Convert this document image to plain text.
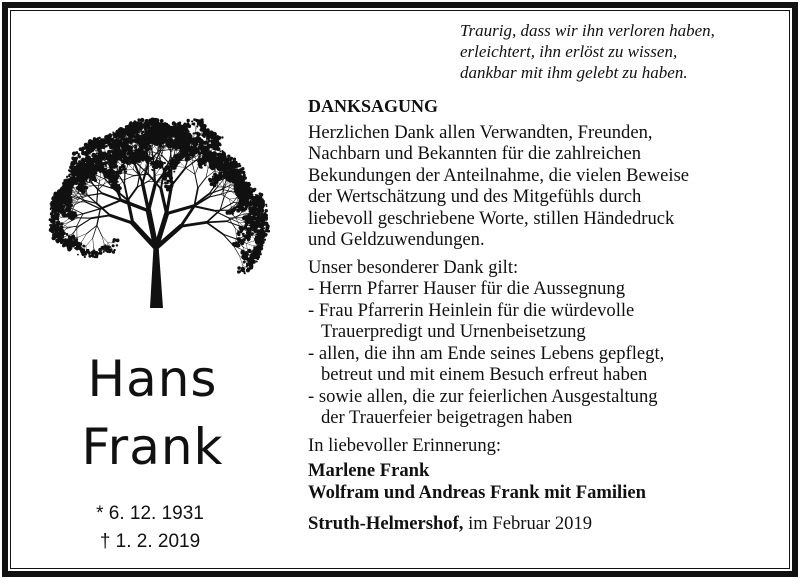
Traurig, dass wir ihn verloren haben,
erleichtert, ihn erlöst zu wissen,
dankbar mit ihm gelebt zu haben.
Hans
Frank
* 6. 12. 1931
† 1. 2. 2019
DANKSAGUNG
Herzlichen Dank allen Verwandten, Freunden,
Nachbarn und Bekannten für die zahlreichen
Bekundungen der Anteilnahme, die vielen Beweise
der Wertschätzung und des Mitgefühls durch
liebevoll geschriebene Worte, stillen Händedruck
und Geldzuwendungen.
Unser besonderer Dank gilt:
- Herrn Pfarrer Hauser für die Aussegnung
- Frau Pfarrerin Heinlein für die würdevolle
Trauerpredigt und Urnenbeisetzung
- allen, die ihn am Ende seines Lebens gepflegt,
betreut und mit einem Besuch erfreut haben
- sowie allen, die zur feierlichen Ausgestaltung
der Trauerfeier beigetragen haben
In liebevoller Erinnerung:
Marlene Frank
Wolfram und Andreas Frank mit Familien
Struth-Helmershof, im Februar 2019
